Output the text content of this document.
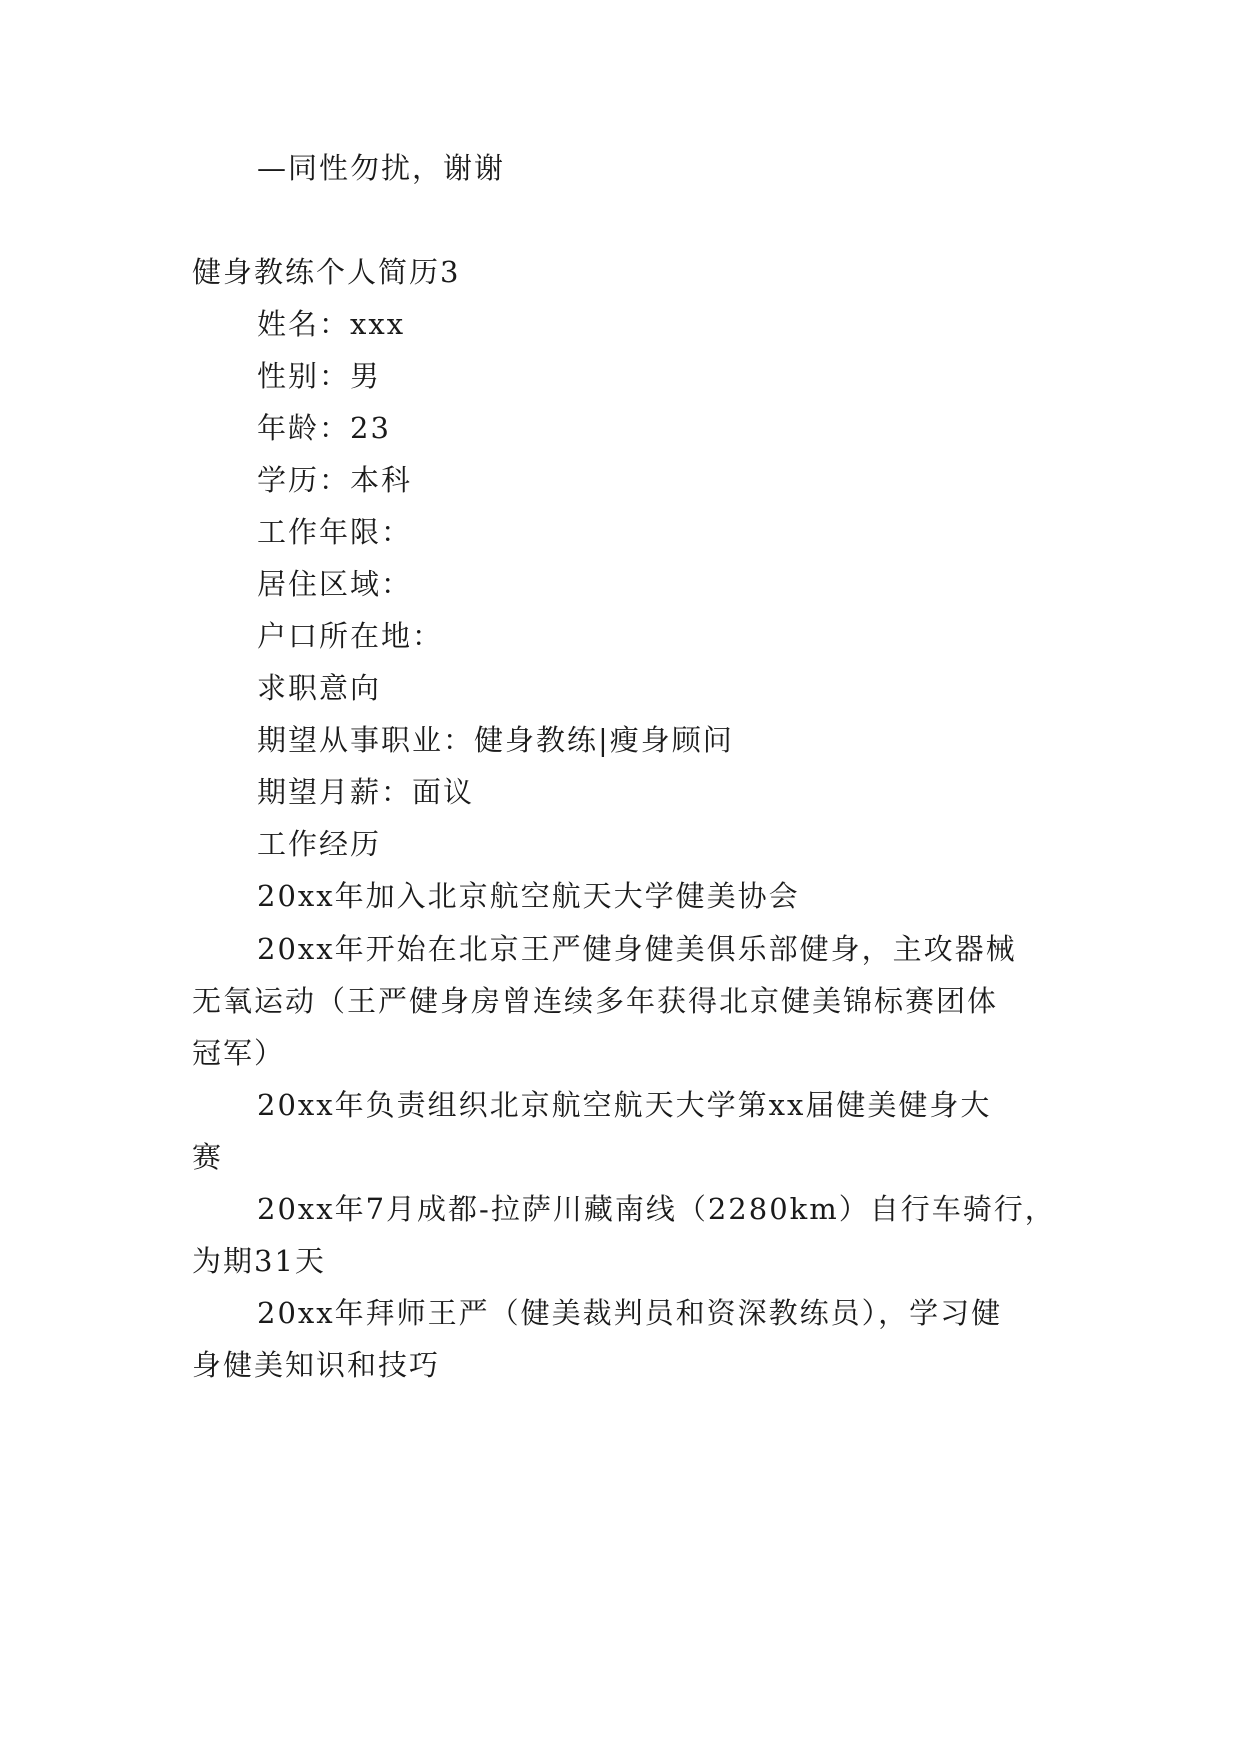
—同性勿扰，谢谢
健身教练个人简历3
姓名：xxx
性别：男
年龄：23
学历：本科
工作年限：
居住区域：
户口所在地：
求职意向
期望从事职业：健身教练|瘦身顾问
期望月薪：面议
工作经历
20xx年加入北京航空航天大学健美协会
20xx年开始在北京王严健身健美俱乐部健身，主攻器械
无氧运动（王严健身房曾连续多年获得北京健美锦标赛团体
冠军）
20xx年负责组织北京航空航天大学第xx届健美健身大
赛
20xx年7月成都-拉萨川藏南线（2280km）自行车骑行，
为期31天
20xx年拜师王严（健美裁判员和资深教练员），学习健
身健美知识和技巧
